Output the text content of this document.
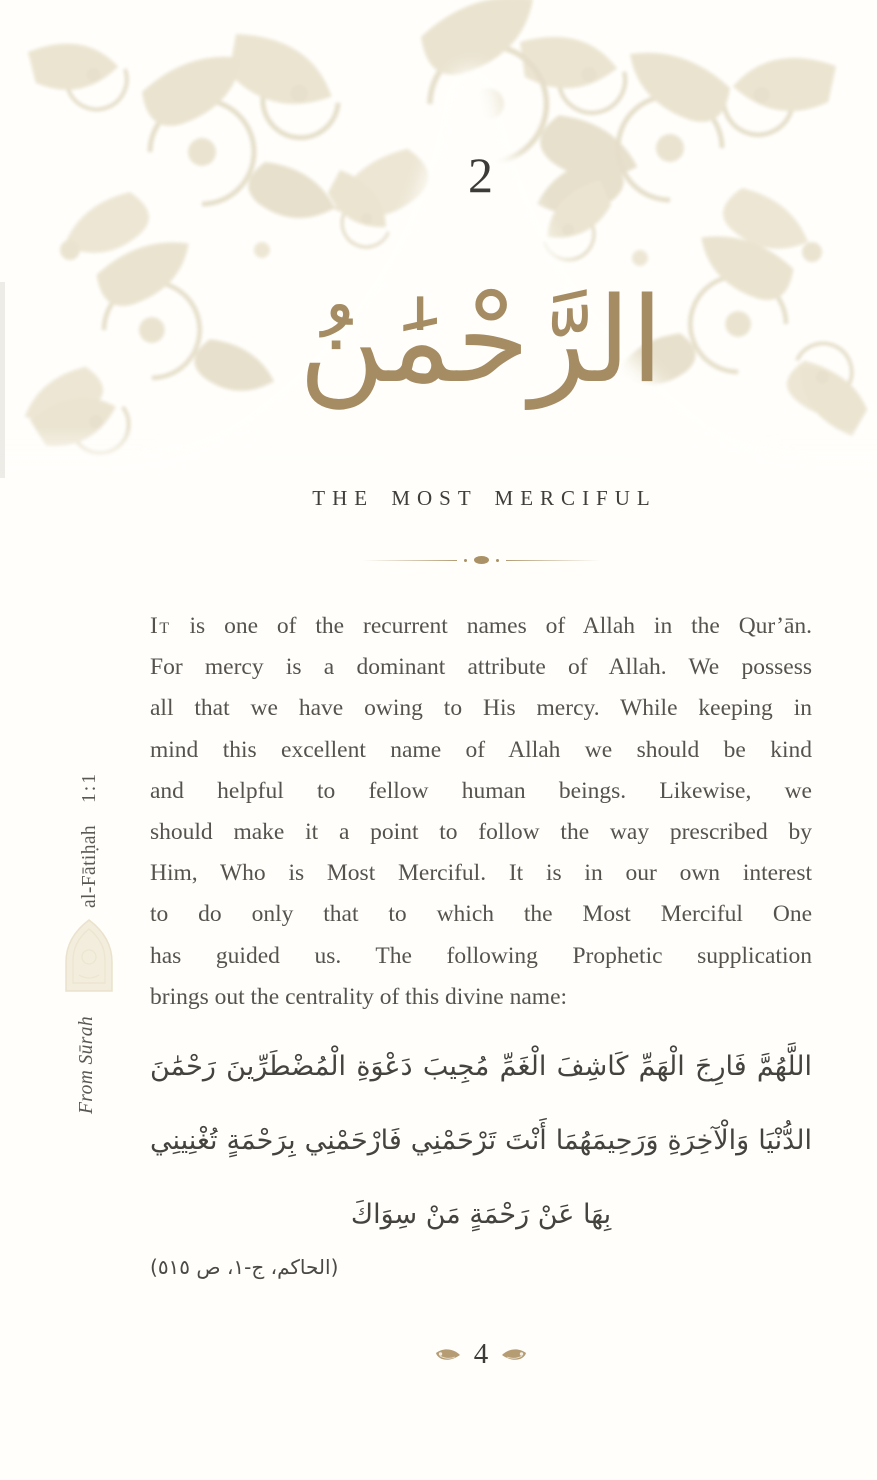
2
الرَّحْمَٰنُ
THE MOST MERCIFUL
It is one of the recurrent names of Allah in the Qur’ān.
For mercy is a dominant attribute of Allah. We possess
all that we have owing to His mercy. While keeping in
mind this excellent name of Allah we should be kind
and helpful to fellow human beings. Likewise, we
should make it a point to follow the way prescribed by
Him, Who is Most Merciful. It is in our own interest
to do only that to which the Most Merciful One
has guided us. The following Prophetic supplication
brings out the centrality of this divine name:
اللَّهُمَّ فَارِجَ الْهَمِّ كَاشِفَ الْغَمِّ مُجِيبَ دَعْوَةِ الْمُضْطَرِّينَ رَحْمَٰنَ
الدُّنْيَا وَالْآخِرَةِ وَرَحِيمَهُمَا أَنْتَ تَرْحَمْنِي فَارْحَمْنِي بِرَحْمَةٍ تُغْنِينِي
بِهَا عَنْ رَحْمَةٍ مَنْ سِوَاكَ
(الحاكم، ج-١، ص ٥١٥)
4
al-Fātiḥah1:1
From Sūrah
